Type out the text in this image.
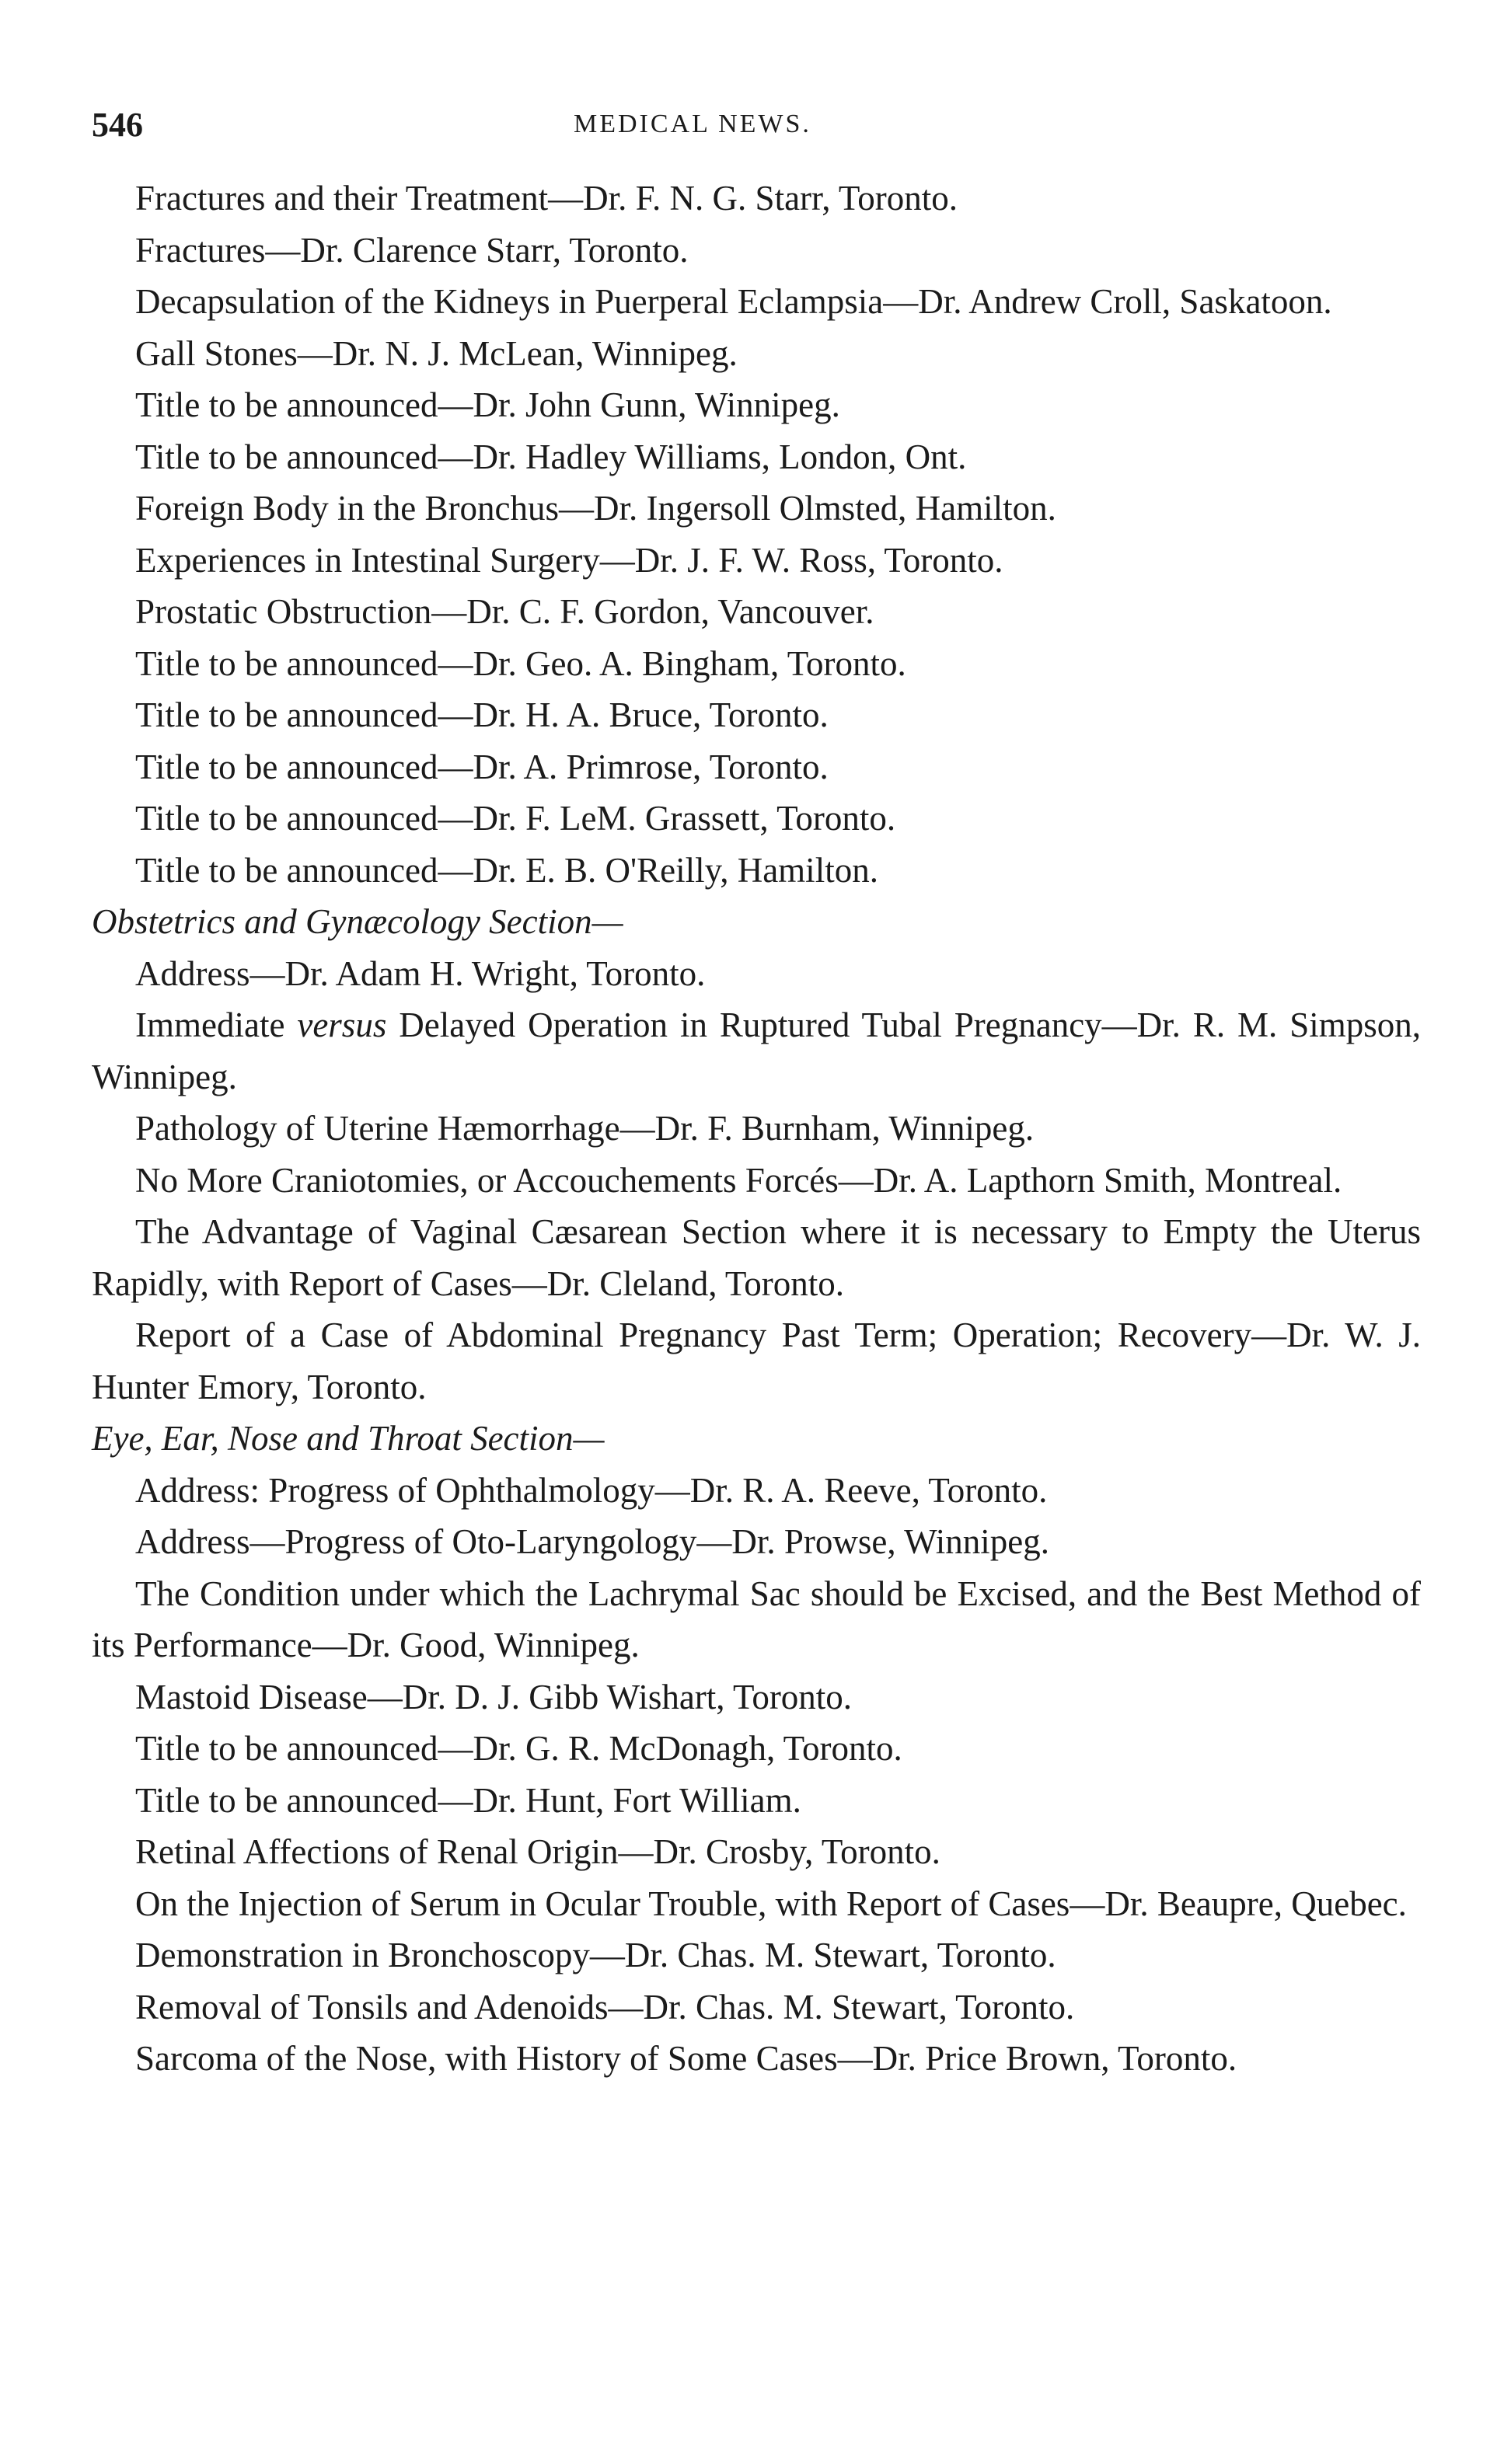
546	MEDICAL NEWS.

Fractures and their Treatment—Dr. F. N. G. Starr, Toronto.

Fractures—Dr. Clarence Starr, Toronto.

Decapsulation of the Kidneys in Puerperal Eclampsia—Dr. Andrew Croll, Saskatoon.

Gall Stones—Dr. N. J. McLean, Winnipeg.

Title to be announced—Dr. John Gunn, Winnipeg.

Title to be announced—Dr. Hadley Williams, London, Ont.

Foreign Body in the Bronchus—Dr. Ingersoll Olmsted, Hamilton.

Experiences in Intestinal Surgery—Dr. J. F. W. Ross, Toronto.

Prostatic Obstruction—Dr. C. F. Gordon, Vancouver.

Title to be announced—Dr. Geo. A. Bingham, Toronto.

Title to be announced—Dr. H. A. Bruce, Toronto.

Title to be announced—Dr. A. Primrose, Toronto.

Title to be announced—Dr. F. LeM. Grassett, Toronto.

Title to be announced—Dr. E. B. O'Reilly, Hamilton.

Obstetrics and Gynæcology Section—

Address—Dr. Adam H. Wright, Toronto.

Immediate versus Delayed Operation in Ruptured Tubal Pregnancy—Dr. R. M. Simpson, Winnipeg.

Pathology of Uterine Hæmorrhage—Dr. F. Burnham, Winnipeg.

No More Craniotomies, or Accouchements Forcés—Dr. A. Lapthorn Smith, Montreal.

The Advantage of Vaginal Cæsarean Section where it is necessary to Empty the Uterus Rapidly, with Report of Cases—Dr. Cleland, Toronto.

Report of a Case of Abdominal Pregnancy Past Term; Operation; Recovery—Dr. W. J. Hunter Emory, Toronto.

Eye, Ear, Nose and Throat Section—

Address: Progress of Ophthalmology—Dr. R. A. Reeve, Toronto.

Address—Progress of Oto-Laryngology—Dr. Prowse, Winnipeg.

The Condition under which the Lachrymal Sac should be Excised, and the Best Method of its Performance—Dr. Good, Winnipeg.

Mastoid Disease—Dr. D. J. Gibb Wishart, Toronto.

Title to be announced—Dr. G. R. McDonagh, Toronto.

Title to be announced—Dr. Hunt, Fort William.

Retinal Affections of Renal Origin—Dr. Crosby, Toronto.

On the Injection of Serum in Ocular Trouble, with Report of Cases—Dr. Beaupre, Quebec.

Demonstration in Bronchoscopy—Dr. Chas. M. Stewart, Toronto.

Removal of Tonsils and Adenoids—Dr. Chas. M. Stewart, Toronto.

Sarcoma of the Nose, with History of Some Cases—Dr. Price Brown, Toronto.
